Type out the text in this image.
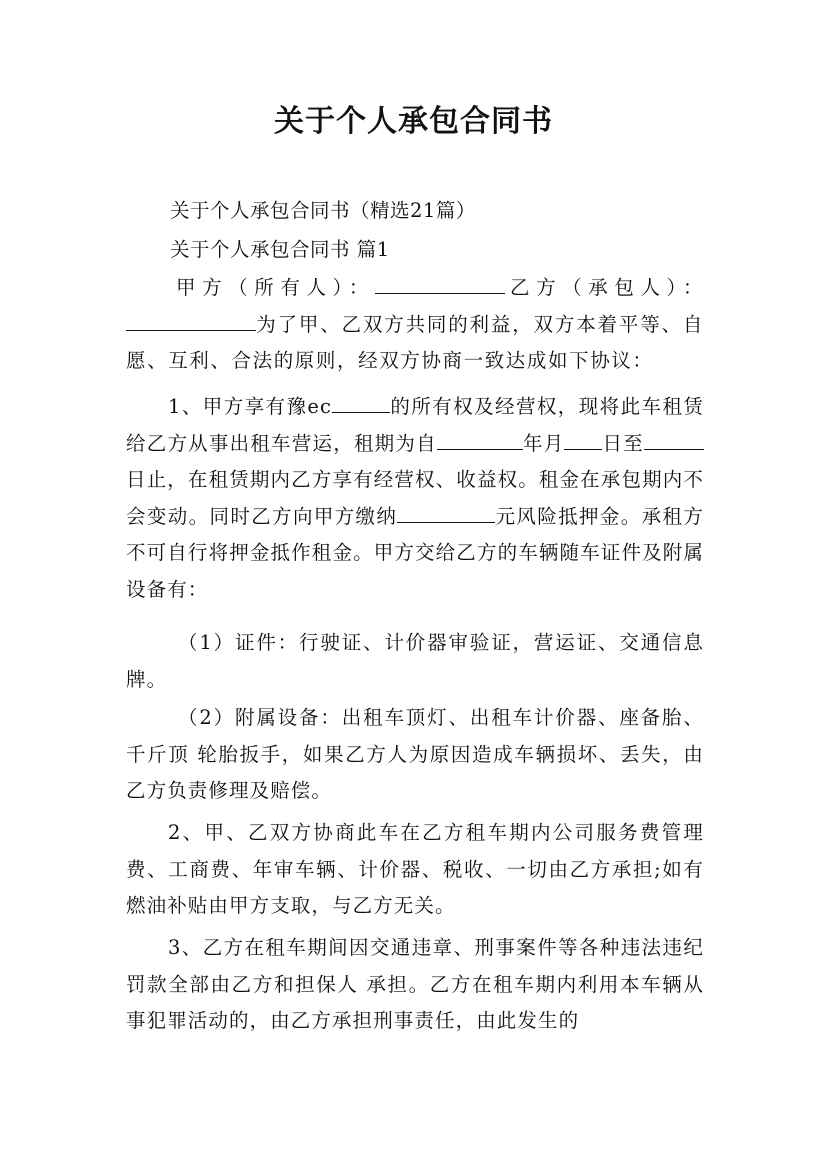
关于个人承包合同书
关于个人承包合同书（精选21篇）
关于个人承包合同书 篇1
甲方（所有人）：	乙方（承包人）：为了甲、乙双方共同的利益，双方本着平等、自愿、互利、合法的原则，经双方协商一致达成如下协议：
1、甲方享有豫ec	的所有权及经营权，现将此车租赁给乙方从事出租车营运，租期为自	年月 日至日止，在租赁期内乙方享有经营权、收益权。租金在承包期内不会变动。同时乙方向甲方缴纳	元风险抵押金。承租方不可自行将押金抵作租金。甲方交给乙方的车辆随车证件及附属设备有：
（1）证件：行驶证、计价器审验证，营运证、交通信息牌。
（2）附属设备：出租车顶灯、出租车计价器、座备胎、千斤顶 轮胎扳手，如果乙方人为原因造成车辆损坏、丢失，由乙方负责修理及赔偿。
2、甲、乙双方协商此车在乙方租车期内公司服务费管理费、工商费、年审车辆、计价器、税收、一切由乙方承担;如有燃油补贴由甲方支取，与乙方无关。
3、乙方在租车期间因交通违章、刑事案件等各种违法违纪罚款全部由乙方和担保人 承担。乙方在租车期内利用本车辆从事犯罪活动的，由乙方承担刑事责任，由此发生的
